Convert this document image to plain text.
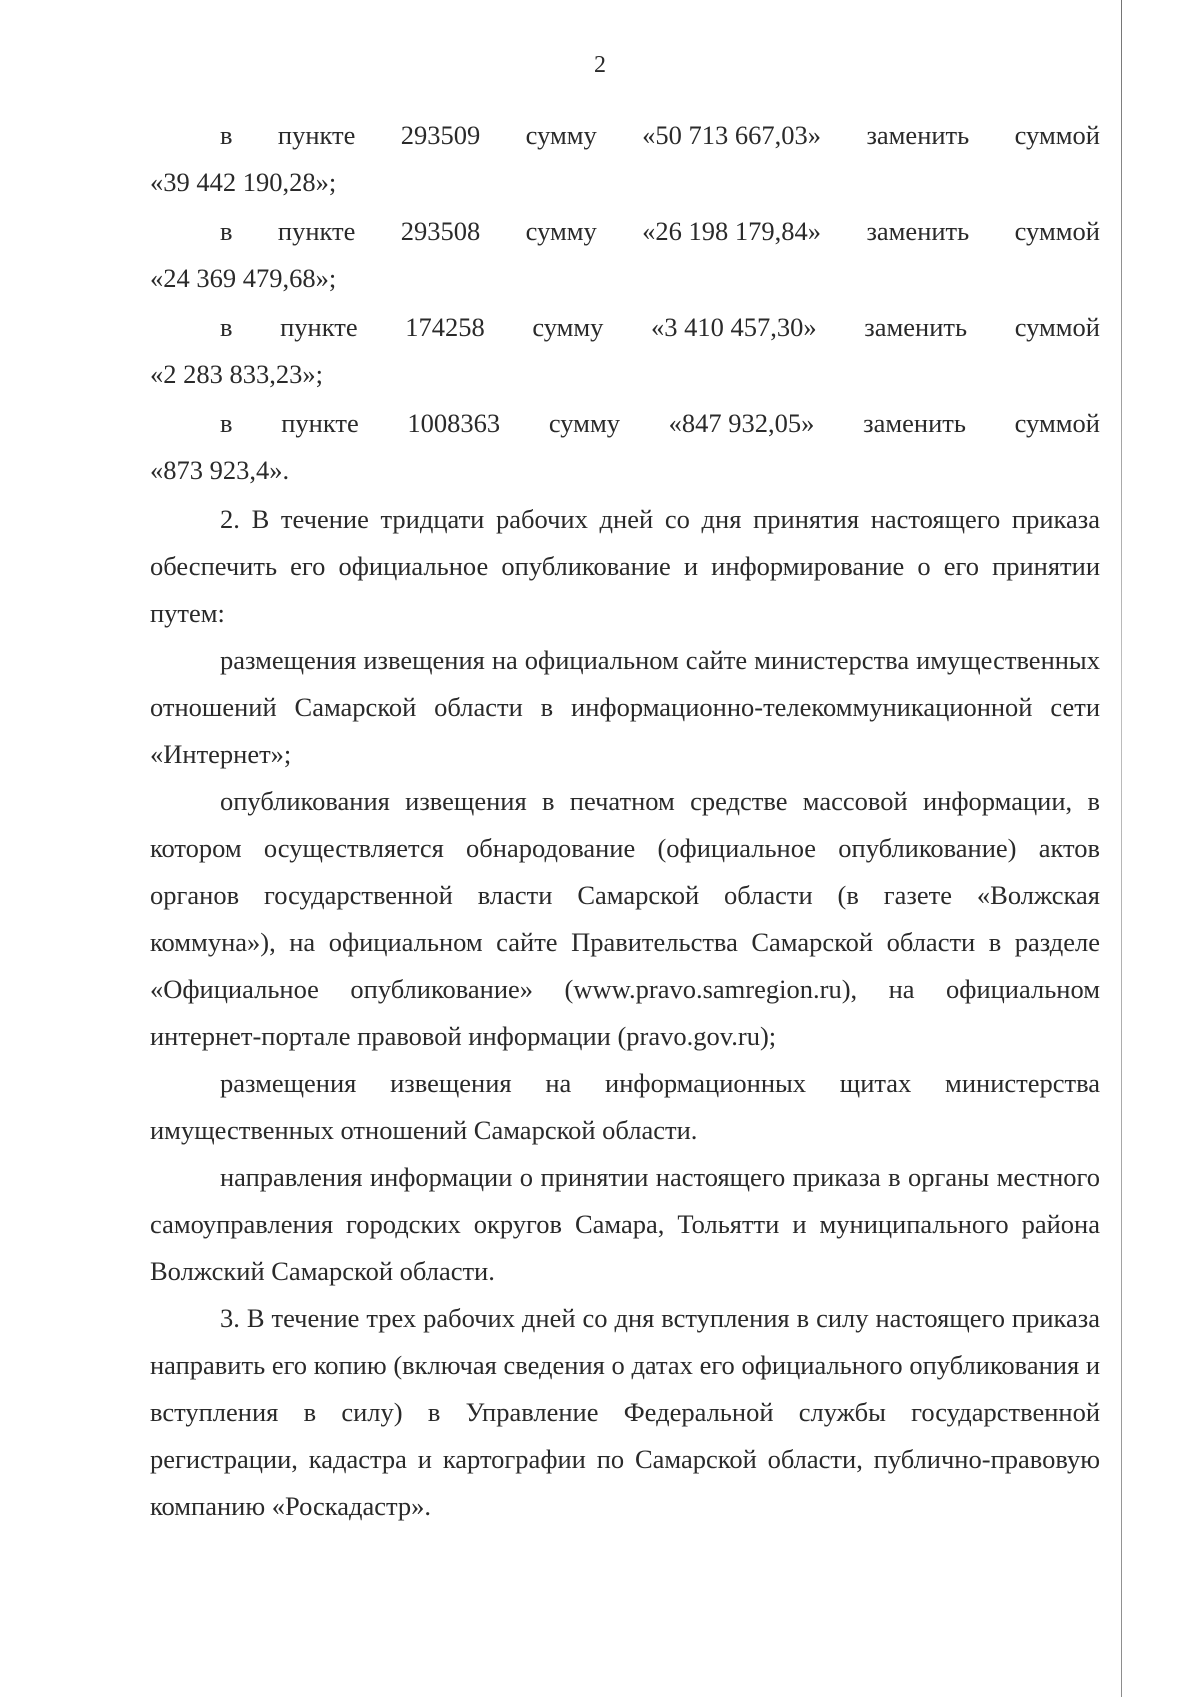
2
в пункте 293509 сумму «50 713 667,03» заменить суммой
«39 442 190,28»;
в пункте 293508 сумму «26 198 179,84» заменить суммой
«24 369 479,68»;
в пункте 174258 сумму «3 410 457,30» заменить суммой
«2 283 833,23»;
в пункте 1008363 сумму «847 932,05» заменить суммой
«873 923,4».

2. В течение тридцати рабочих дней со дня принятия настоящего приказа обеспечить его официальное опубликование и информирование о его принятии путем:

размещения извещения на официальном сайте министерства имущественных отношений Самарской области в информационно-телекоммуникационной сети «Интернет»;

опубликования извещения в печатном средстве массовой информации, в котором осуществляется обнародование (официальное опубликование) актов органов государственной власти Самарской области (в газете «Волжская коммуна»), на официальном сайте Правительства Самарской области в разделе «Официальное опубликование» (www.pravo.samregion.ru), на официальном интернет-портале правовой информации (pravo.gov.ru);

размещения извещения на информационных щитах министерства имущественных отношений Самарской области.

направления информации о принятии настоящего приказа в органы местного самоуправления городских округов Самара, Тольятти и муниципального района Волжский Самарской области.

3. В течение трех рабочих дней со дня вступления в силу настоящего приказа направить его копию (включая сведения о датах его официального опубликования и вступления в силу) в Управление Федеральной службы государственной регистрации, кадастра и картографии по Самарской области, публично-правовую компанию «Роскадастр».
